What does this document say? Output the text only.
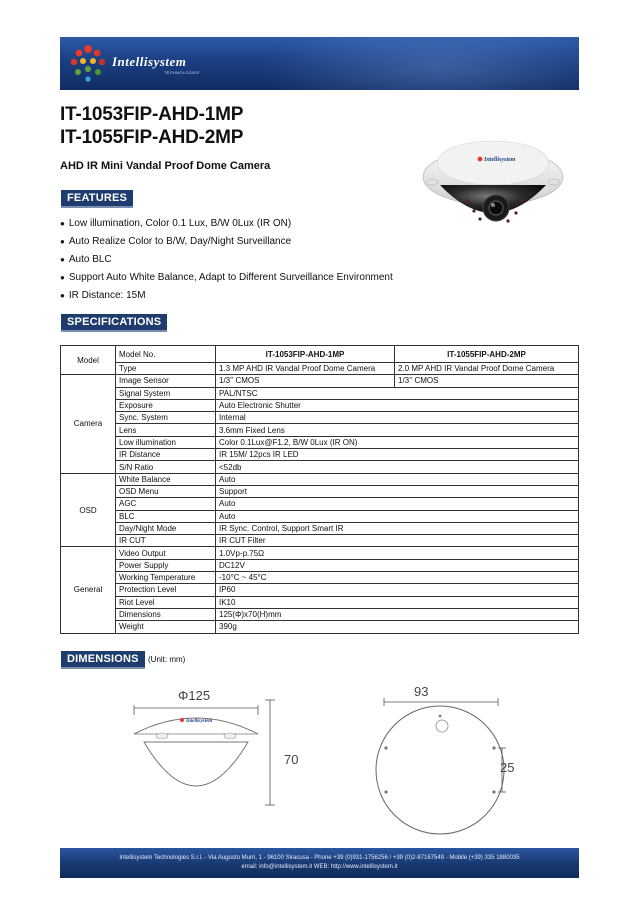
Intellisystem
TECHNOLOGIES
IT-1053FIP-AHD-1MP
IT-1055FIP-AHD-2MP
AHD IR Mini Vandal Proof Dome Camera	Intellisystem
FEATURES
● Low illumination, Color 0.1 Lux, B/W 0Lux (IR ON)
● Auto Realize Color to B/W, Day/Night Surveillance
● Auto BLC
● Support Auto White Balance, Adapt to Different Surveillance Environment
● IR Distance: 15M
SPECIFICATIONS
Model	Model No.	IT-1053FIP-AHD-1MP	IT-1055FIP-AHD-2MP
	Type	1.3 MP AHD IR Vandal Proof Dome Camera	2.0 MP AHD IR Vandal Proof Dome Camera
Camera	Image Sensor	1/3’’ CMOS	1/3’’ CMOS
	Signal System	PAL/NTSC	
	Exposure	Auto Electronic Shutter	
	Sync. System	Internal	
	Lens	3.6mm Fixed Lens	
	Low illumination	Color 0.1Lux@F1.2, B/W 0Lux (IR ON)	
	IR Distance	IR 15M/ 12pcs IR LED	
	S/N Ratio	<52db	
OSD	White Balance	Auto	
	OSD Menu	Support	
	AGC	Auto	
	BLC	Auto	
	Day/Night Mode	IR Sync. Control, Support Smart IR	
	IR CUT	IR CUT Filter	
General	Video Output	1.0Vp-p.75Ω	
	Power Supply	DC12V	
	Working Temperature	-10°C ~ 45°C	
	Protection Level	IP60	
	Riot Level	IK10	
	Dimensions	125(Φ)x70(H)mm	
	Weight	390g	
DIMENSIONS	(Unit: mm)
Φ125
Intellisystem
70
93
25
Intellisystem Technologies S.r.l. - Via Augusto Murri, 1 - 96100 Siracusa - Phone +39 (0)931-1756256 / +39 (0)2-87167549 - Mobile (+39) 335 1880035
email: info@intellisystem.it WEB: http://www.intellisystem.it
